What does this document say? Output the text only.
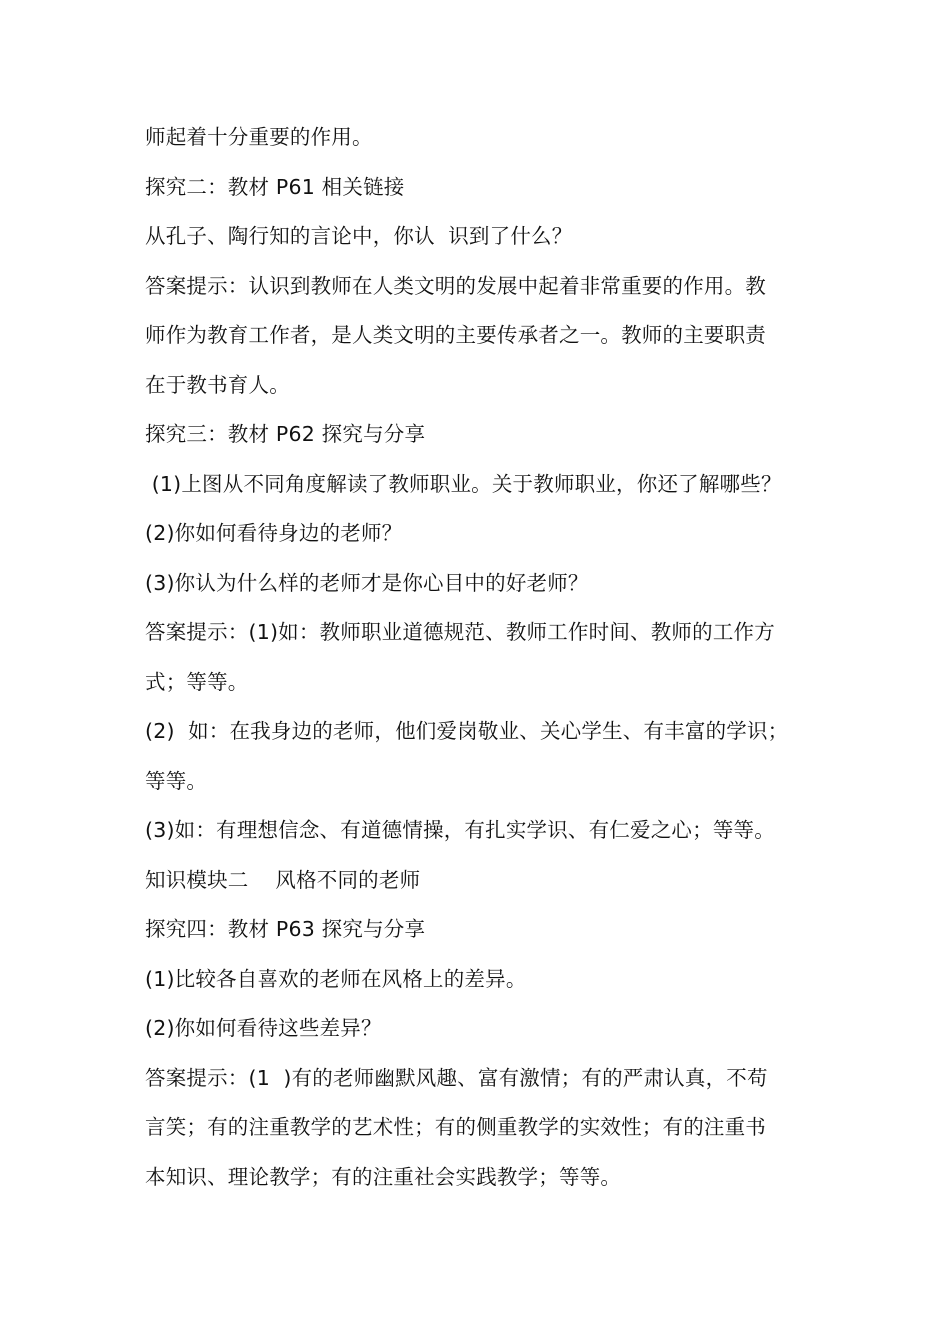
师起着十分重要的作用。
探究二：教材 P61 相关链接
从孔子、陶行知的言论中，你认  识到了什么？
答案提示：认识到教师在人类文明的发展中起着非常重要的作用。教
师作为教育工作者，是人类文明的主要传承者之一。教师的主要职责
在于教书育人。
探究三：教材 P62 探究与分享
(1)上图从不同角度解读了教师职业。关于教师职业，你还了解哪些？
(2)你如何看待身边的老师？
(3)你认为什么样的老师才是你心目中的好老师？
答案提示：(1)如：教师职业道德规范、教师工作时间、教师的工作方
式；等等。
(2)  如：在我身边的老师，他们爱岗敬业、关心学生、有丰富的学识；
等等。
(3)如：有理想信念、有道德情操，有扎实学识、有仁爱之心；等等。
知识模块二    风格不同的老师
探究四：教材 P63 探究与分享
(1)比较各自喜欢的老师在风格上的差异。
(2)你如何看待这些差异？
答案提示：(1  )有的老师幽默风趣、富有激情；有的严肃认真，不苟
言笑；有的注重教学的艺术性；有的侧重教学的实效性；有的注重书
本知识、理论教学；有的注重社会实践教学；等等。
